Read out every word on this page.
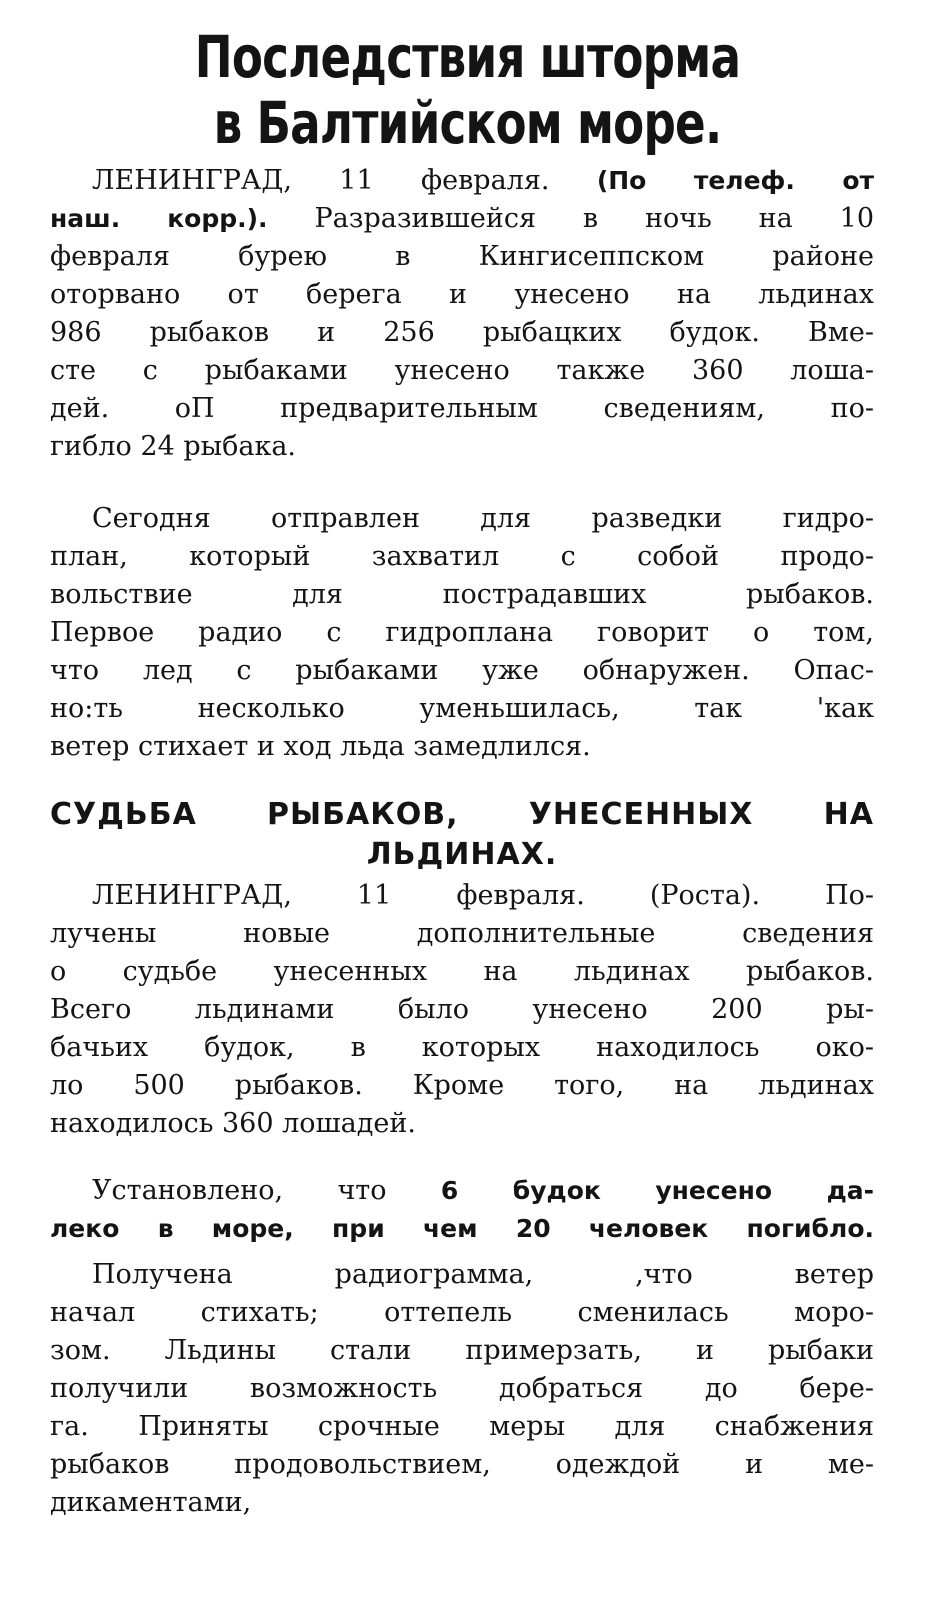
Последствия шторма
в Балтийском море.
ЛЕНИНГРАД, 11 февраля. (По телеф. от
наш. корр.). Разразившейся в ночь на 10
февраля бурею в Кингисеппском районе
оторвано от берега и унесено на льдинах
986 рыбаков и 256 рыбацких будок. Вме-
сте с рыбаками унесено также 360 лоша-
дей. оП предварительным сведениям, по-
гибло 24 рыбака.
Сегодня отправлен для разведки гидро-
план, который захватил с собой продо-
вольствие для пострадавших рыбаков.
Первое радио с гидроплана говорит о том,
что лед с рыбаками уже обнаружен. Опас-
но:ть несколько уменьшилась, так 'как
ветер стихает и ход льда замедлился.
СУДЬБА РЫБАКОВ, УНЕСЕННЫХ НА
ЛЬДИНАХ.
ЛЕНИНГРАД, 11 февраля. (Роста). По-
лучены новые дополнительные сведения
о судьбе унесенных на льдинах рыбаков.
Всего льдинами было унесено 200 ры-
бачьих будок, в которых находилось око-
ло 500 рыбаков. Кроме того, на льдинах
находилось 360 лошадей.
Установлено, что 6 будок унесено да-
леко в море, при чем 20 человек погибло.
Получена радиограмма, ,что ветер
начал стихать; оттепель сменилась моро-
зом. Льдины стали примерзать, и рыбаки
получили возможность добраться до бере-
га. Приняты срочные меры для снабжения
рыбаков продовольствием, одеждой и ме-
дикаментами,
